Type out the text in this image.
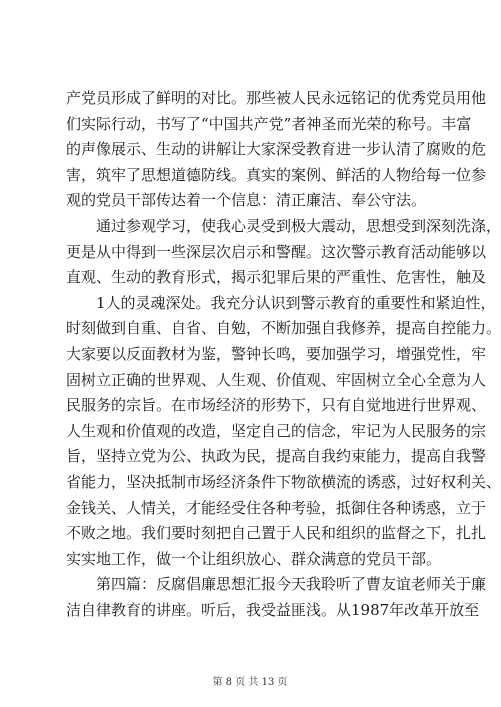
产党员形成了鲜明的对比。那些被人民永远铭记的优秀党员用他
们实际行动，书写了“中国共产党”者神圣而光荣的称号。丰富
的声像展示、生动的讲解让大家深受教育进一步认清了腐败的危
害，筑牢了思想道德防线。真实的案例、鲜活的人物给每一位参
观的党员干部传达着一个信息：清正廉洁、奉公守法。
　　通过参观学习，使我心灵受到极大震动，思想受到深刻洗涤，
更是从中得到一些深层次启示和警醒。这次警示教育活动能够以
直观、生动的教育形式，揭示犯罪后果的严重性、危害性，触及
　　1人的灵魂深处。我充分认识到警示教育的重要性和紧迫性，
时刻做到自重、自省、自勉，不断加强自我修养，提高自控能力。
大家要以反面教材为鉴，警钟长鸣，要加强学习，增强党性，牢
固树立正确的世界观、人生观、价值观、牢固树立全心全意为人
民服务的宗旨。在市场经济的形势下，只有自觉地进行世界观、
人生观和价值观的改造，坚定自己的信念，牢记为人民服务的宗
旨，坚持立党为公、执政为民，提高自我约束能力，提高自我警
省能力，坚决抵制市场经济条件下物欲横流的诱惑，过好权利关、
金钱关、人情关，才能经受住各种考验，抵御住各种诱惑，立于
不败之地。我们要时刻把自己置于人民和组织的监督之下，扎扎
实实地工作，做一个让组织放心、群众满意的党员干部。
　　第四篇：反腐倡廉思想汇报今天我聆听了曹友谊老师关于廉
洁自律教育的讲座。听后，我受益匪浅。从1987年改革开放至
第 8 页 共 13 页
